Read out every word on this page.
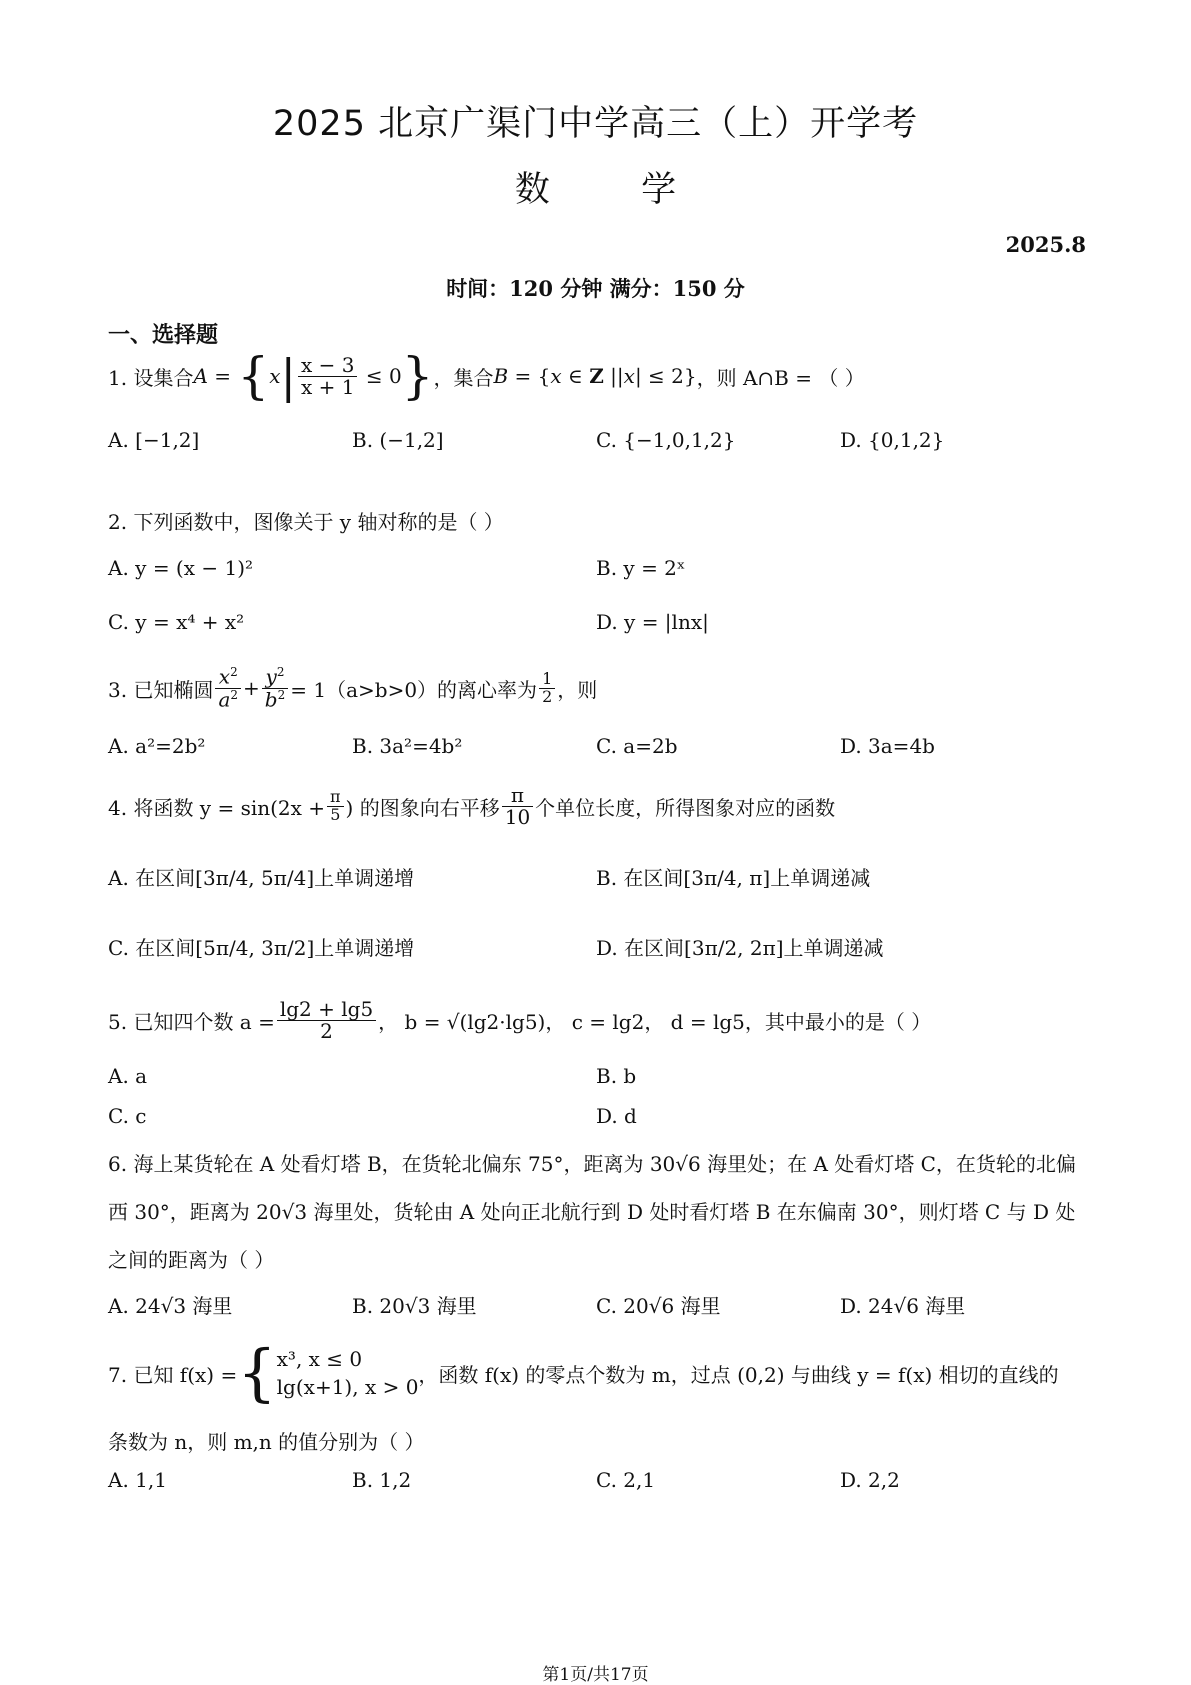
2025 北京广渠门中学高三（上）开学考
数	学
2025.8
时间：120 分钟 满分：150 分
一、选择题
1. 设集合 A = { x | $\frac{x - 3}{x + 1} \le 0$ } ，集合 B = { x ∈ Z || x | ≤ 2} ，则 A∩B = （ ）
A. [−1,2]	B. (−1,2]	C. {−1,0,1,2}	D. {0,1,2}
2. 下列函数中，图像关于 y 轴对称的是（ ）
A. y = (x − 1)²	B. y = 2ˣ
C. y = x⁴ + x²	D. y = |lnx|
3. 已知椭圆 $\frac{x^2}{a^2} + \frac{y^2}{b^2} = 1(a>b>0)$的离心率为 $\frac{1}{2}$ ，则
A. a²=2b²	B. 3a²=4b²	C. a=2b	D. 3a=4b
4. 将函数 $y = \sin(2x + \frac{\pi}{5}$ ) 的图象向右平移 $\frac{\pi}{10}$ 个单位长度，所得图象对应的函数
A. 在区间[3π/4, 5π/4]上单调递增	B. 在区间[3π/4, π]上单调递减
C. 在区间[5π/4, 3π/2]上单调递增	D. 在区间[3π/2, 2π]上单调递减
5. 已知四个数 $a = \frac{\lg 2 + \lg 5}{2}$ ， b = √(lg2·lg5)， c = lg2， d = lg5，其中最小的是（ ）
A. a	B. b
C. c	D. d
6. 海上某货轮在 A 处看灯塔 B，在货轮北偏东 75°，距离为 30√6 海里处；在 A 处看灯塔 C，在货轮的北偏
西 30°，距离为 20√3 海里处，货轮由 A 处向正北航行到 D 处时看灯塔 B 在东偏南 30°，则灯塔 C 与 D 处
之间的距离为（ ）
A. 24√3 海里	B. 20√3 海里	C. 20√6 海里	D. 24√6 海里
7. 已知 f(x) = { x³, x ≤ 0
lg(x+1), x > 0
，函数 f(x) 的零点个数为 m，过点 (0,2) 与曲线 y = f(x) 相切的直线的
条数为 n，则 m,n 的值分别为（ ）
A. 1,1	B. 1,2	C. 2,1	D. 2,2
第1页/共17页
